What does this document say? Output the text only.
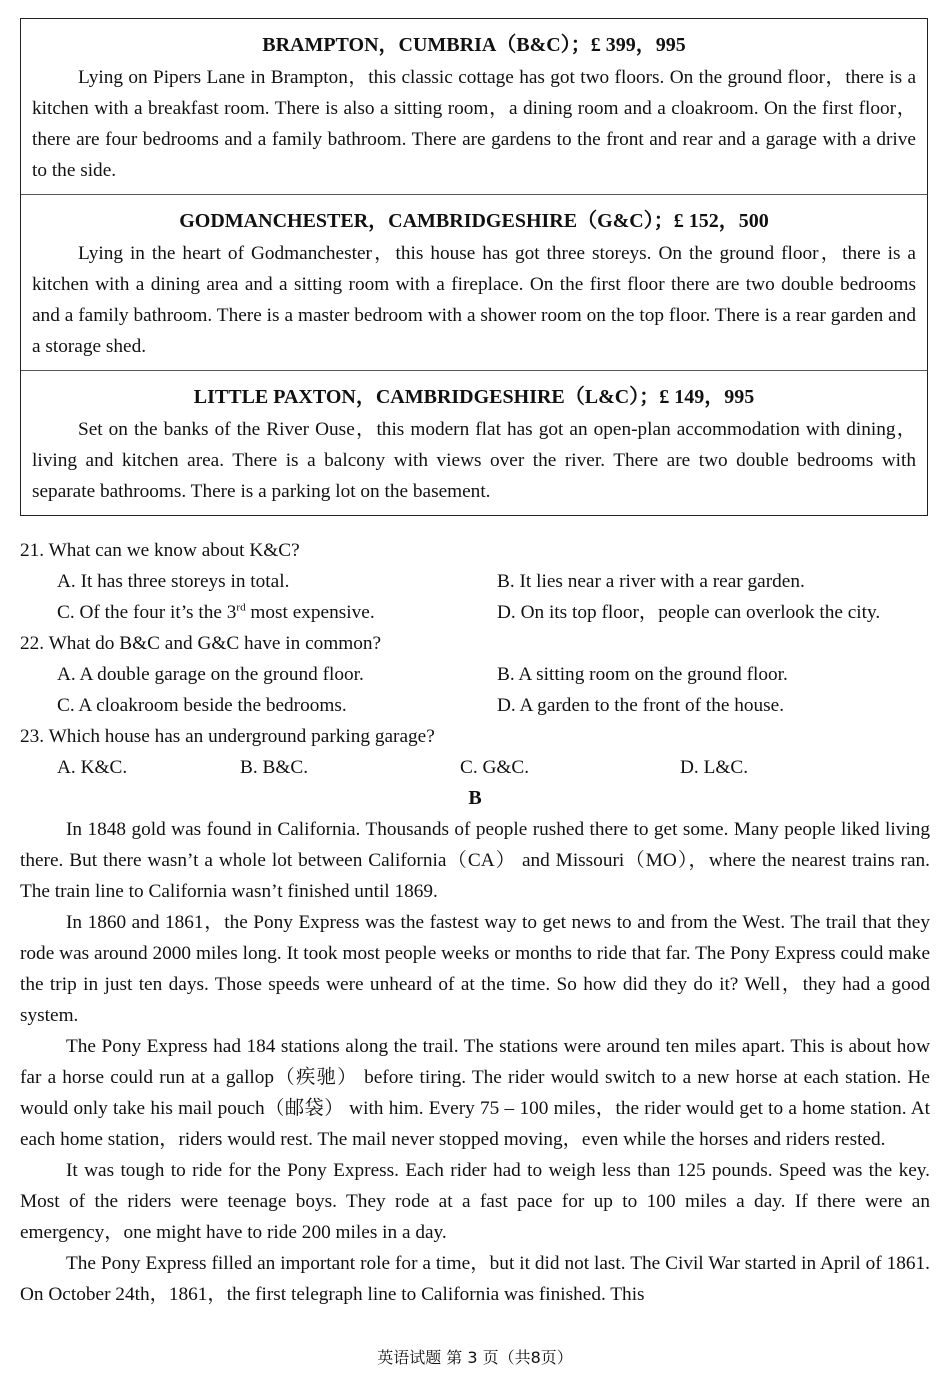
BRAMPTON，CUMBRIA（B&C）；£ 399，995
Lying on Pipers Lane in Brampton，this classic cottage has got two floors. On the ground floor，there is a kitchen with a breakfast room. There is also a sitting room，a dining room and a cloakroom. On the first floor，there are four bedrooms and a family bathroom. There are gardens to the front and rear and a garage with a drive to the side.
GODMANCHESTER，CAMBRIDGESHIRE（G&C）；£ 152，500
Lying in the heart of Godmanchester，this house has got three storeys. On the ground floor，there is a kitchen with a dining area and a sitting room with a fireplace. On the first floor there are two double bedrooms and a family bathroom. There is a master bedroom with a shower room on the top floor. There is a rear garden and a storage shed.
LITTLE PAXTON，CAMBRIDGESHIRE（L&C）；£ 149，995
Set on the banks of the River Ouse，this modern flat has got an open-plan accommodation with dining，living and kitchen area. There is a balcony with views over the river. There are two double bedrooms with separate bathrooms. There is a parking lot on the basement.
21. What can we know about K&C?
A. It has three storeys in total.	B. It lies near a river with a rear garden.
C. Of the four it’s the 3rd most expensive.	D. On its top floor，people can overlook the city.
22. What do B&C and G&C have in common?
A. A double garage on the ground floor.	B. A sitting room on the ground floor.
C. A cloakroom beside the bedrooms.	D. A garden to the front of the house.
23. Which house has an underground parking garage?
A. K&C.	B. B&C.	C. G&C.	D. L&C.
B

In 1848 gold was found in California. Thousands of people rushed there to get some. Many people liked living there. But there wasn’t a whole lot between California（CA） and Missouri（MO），where the nearest trains ran. The train line to California wasn’t finished until 1869.

In 1860 and 1861，the Pony Express was the fastest way to get news to and from the West. The trail that they rode was around 2000 miles long. It took most people weeks or months to ride that far. The Pony Express could make the trip in just ten days. Those speeds were unheard of at the time. So how did they do it? Well，they had a good system.

The Pony Express had 184 stations along the trail. The stations were around ten miles apart. This is about how far a horse could run at a gallop（疾驰） before tiring. The rider would switch to a new horse at each station. He would only take his mail pouch（邮袋） with him. Every 75 – 100 miles，the rider would get to a home station. At each home station，riders would rest. The mail never stopped moving，even while the horses and riders rested.

It was tough to ride for the Pony Express. Each rider had to weigh less than 125 pounds. Speed was the key. Most of the riders were teenage boys. They rode at a fast pace for up to 100 miles a day. If there were an emergency，one might have to ride 200 miles in a day.

The Pony Express filled an important role for a time，but it did not last. The Civil War started in April of 1861. On October 24th，1861，the first telegraph line to California was finished. This

英语试题 第 3 页（共8页）
